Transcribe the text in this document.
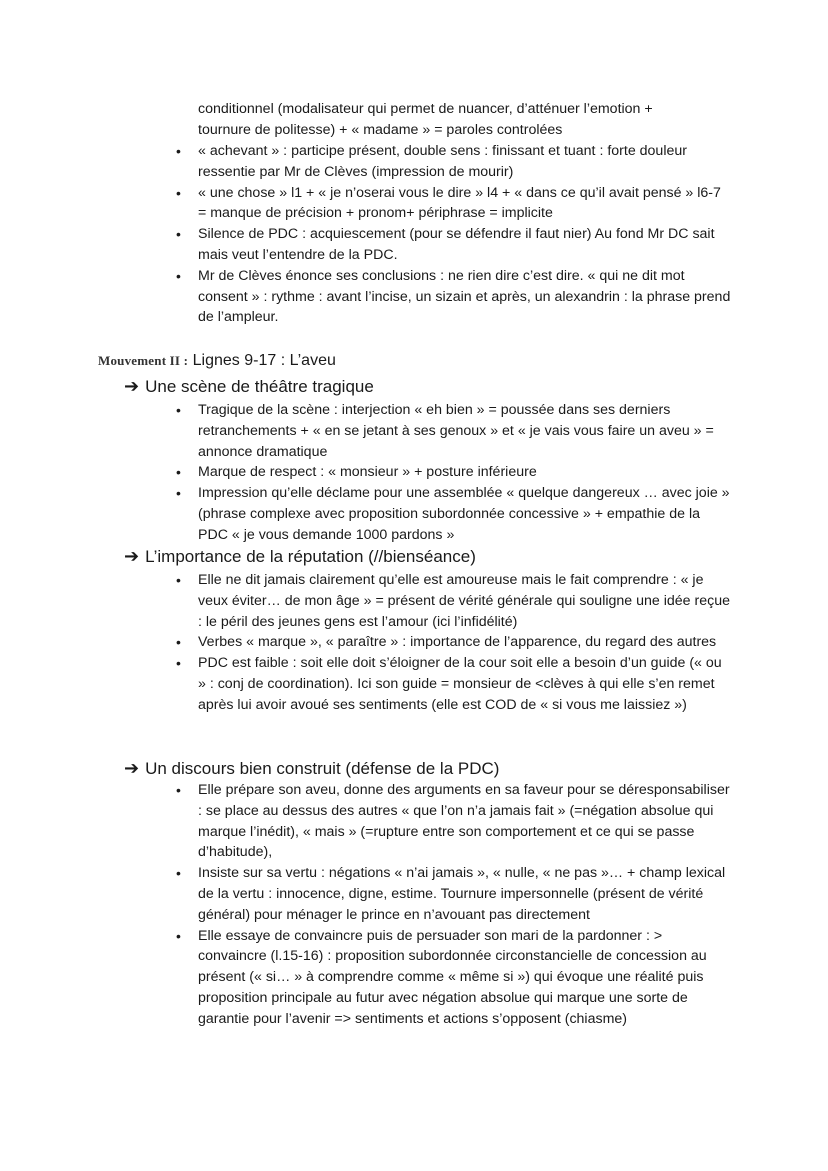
conditionnel (modalisateur qui permet de nuancer, d’atténuer l’emotion +

tournure de politesse) + « madame » = paroles controlées

• « achevant » : participe présent, double sens : finissant et tuant : forte douleur ressentie par Mr de Clèves (impression de mourir)
• « une chose » l1 + « je n’oserai vous le dire » l4 + « dans ce qu’il avait pensé » l6-7 = manque de précision + pronom+ périphrase = implicite
• Silence de PDC : acquiescement (pour se défendre il faut nier) Au fond Mr DC sait mais veut l’entendre de la PDC.
• Mr de Clèves énonce ses conclusions : ne rien dire c’est dire. « qui ne dit mot consent » : rythme : avant l’incise, un sizain et après, un alexandrin : la phrase prend de l’ampleur.
Mouvement II : Lignes 9-17 : L’aveu
➔ Une scène de théâtre tragique
• Tragique de la scène : interjection « eh bien » = poussée dans ses derniers retranchements + « en se jetant à ses genoux » et « je vais vous faire un aveu » = annonce dramatique
• Marque de respect : « monsieur » + posture inférieure
• Impression qu’elle déclame pour une assemblée « quelque dangereux … avec joie » (phrase complexe avec proposition subordonnée concessive » + empathie de la PDC « je vous demande 1000 pardons »
➔ L’importance de la réputation (//bienséance)
• Elle ne dit jamais clairement qu’elle est amoureuse mais le fait comprendre : « je veux éviter… de mon âge » = présent de vérité générale qui souligne une idée reçue : le péril des jeunes gens est l’amour (ici l’infidélité)
• Verbes « marque », « paraître » : importance de l’apparence, du regard des autres
• PDC est faible : soit elle doit s’éloigner de la cour soit elle a besoin d’un guide (« ou » : conj de coordination). Ici son guide = monsieur de <clèves à qui elle s’en remet après lui avoir avoué ses sentiments (elle est COD de « si vous me laissiez »)
➔ Un discours bien construit (défense de la PDC)
• Elle prépare son aveu, donne des arguments en sa faveur pour se déresponsabiliser : se place au dessus des autres « que l’on n’a jamais fait » (=négation absolue qui marque l’inédit), « mais » (=rupture entre son comportement et ce qui se passe d’habitude),
• Insiste sur sa vertu : négations « n’ai jamais », « nulle, « ne pas »… + champ lexical de la vertu : innocence, digne, estime. Tournure impersonnelle (présent de vérité général) pour ménager le prince en n’avouant pas directement
• Elle essaye de convaincre puis de persuader son mari de la pardonner : > convaincre (l.15-16) : proposition subordonnée circonstancielle de concession au présent (« si… » à comprendre comme « même si ») qui évoque une réalité puis proposition principale au futur avec négation absolue qui marque une sorte de garantie pour l’avenir => sentiments et actions s’opposent (chiasme)
